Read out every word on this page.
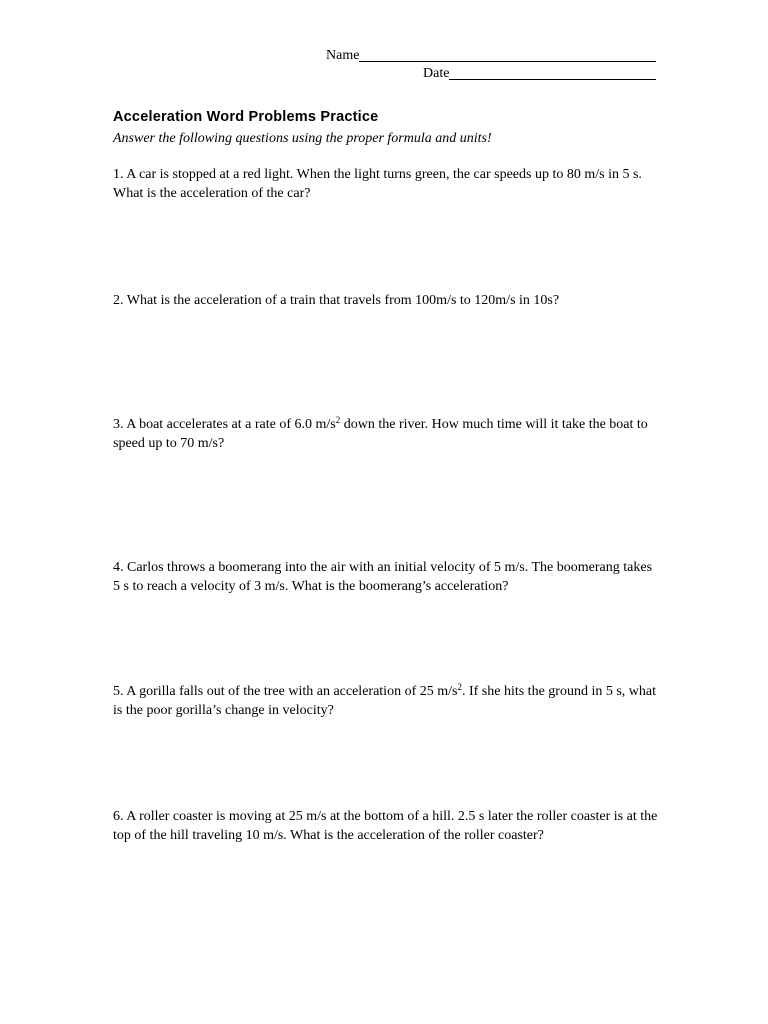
Name
Date
Acceleration Word Problems Practice
Answer the following questions using the proper formula and units!
1. A car is stopped at a red light. When the light turns green, the car speeds up to 80 m/s in 5 s. What is the acceleration of the car?
2. What is the acceleration of a train that travels from 100m/s to 120m/s in 10s?
3. A boat accelerates at a rate of 6.0 $m/s^2$ down the river. How much time will it take the boat to speed up to 70 m/s?
4. Carlos throws a boomerang into the air with an initial velocity of 5 m/s. The boomerang takes 5 s to reach a velocity of 3 m/s. What is the boomerang’s acceleration?
5. A gorilla falls out of the tree with an acceleration of 25 $m/s^2$. If she hits the ground in 5 s, what is the poor gorilla’s change in velocity?
6. A roller coaster is moving at 25 m/s at the bottom of a hill. 2.5 s later the roller coaster is at the top of the hill traveling 10 m/s. What is the acceleration of the roller coaster?
